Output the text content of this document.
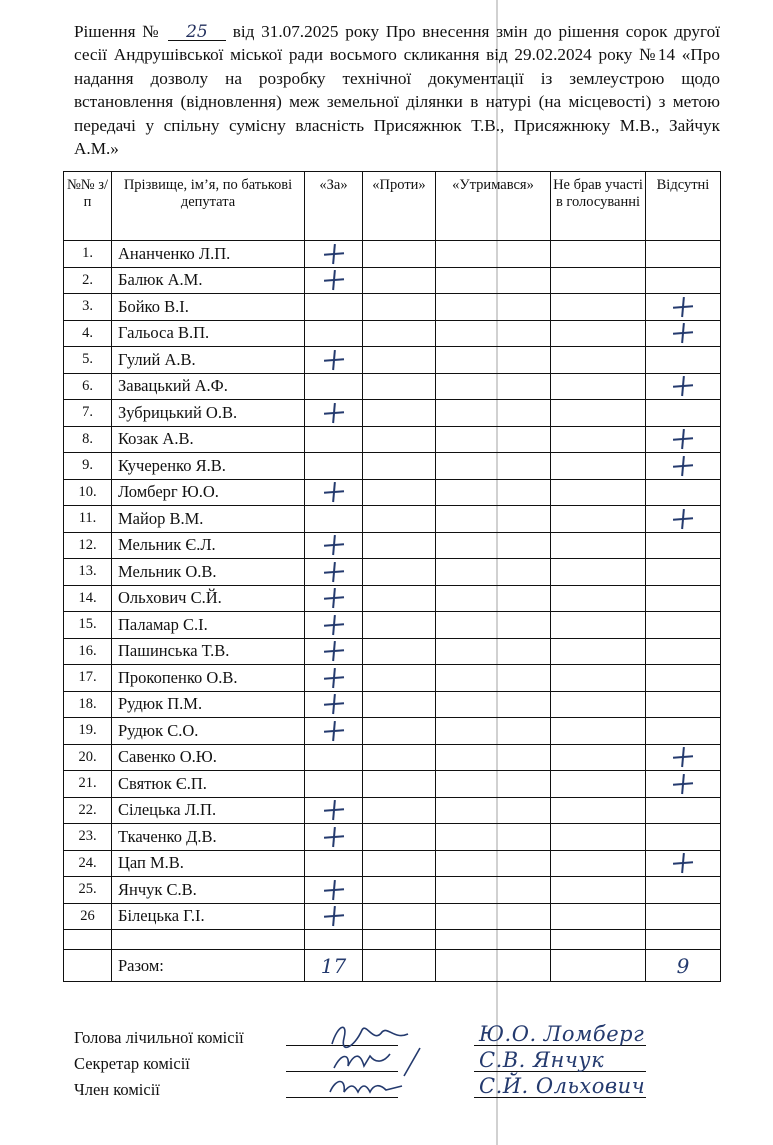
Рішення № 25 від 31.07.2025 року Про внесення змін до рішення сорок другої сесії Андрушівської міської ради восьмого скликання від 29.02.2024 року №14 «Про надання дозволу на розробку технічної документації із землеустрою щодо встановлення (відновлення) меж земельної ділянки в натурі (на місцевості) з метою передачі у спільну сумісну власність Присяжнюк Т.В., Присяжнюку М.В., Зайчук А.М.»
№№ з/п	Прізвище, ім’я, по батькові депутата	«За»	«Проти»	«Утримався»	Не брав участі в голосуванні	Відсутні
1.	Ананченко Л.П.					
2.	Балюк А.М.					
3.	Бойко В.І.					
4.	Гальоса В.П.					
5.	Гулий А.В.					
6.	Завацький А.Ф.					
7.	Зубрицький О.В.					
8.	Козак А.В.					
9.	Кучеренко Я.В.					
10.	Ломберг Ю.О.					
11.	Майор В.М.					
12.	Мельник Є.Л.					
13.	Мельник О.В.					
14.	Ольхович С.Й.					
15.	Паламар С.І.					
16.	Пашинська Т.В.					
17.	Прокопенко О.В.					
18.	Рудюк П.М.					
19.	Рудюк С.О.					
20.	Савенко О.Ю.					
21.	Святюк Є.П.					
22.	Сілецька Л.П.					
23.	Ткаченко Д.В.					
24.	Цап М.В.					
25.	Янчук С.В.					
26	Білецька Г.І.					

	Разом:	17				9
Голова лічильної комісії	Ю.О. Ломберг
Секретар комісії	С.В. Янчук
Член комісії	С.Й. Ольхович
